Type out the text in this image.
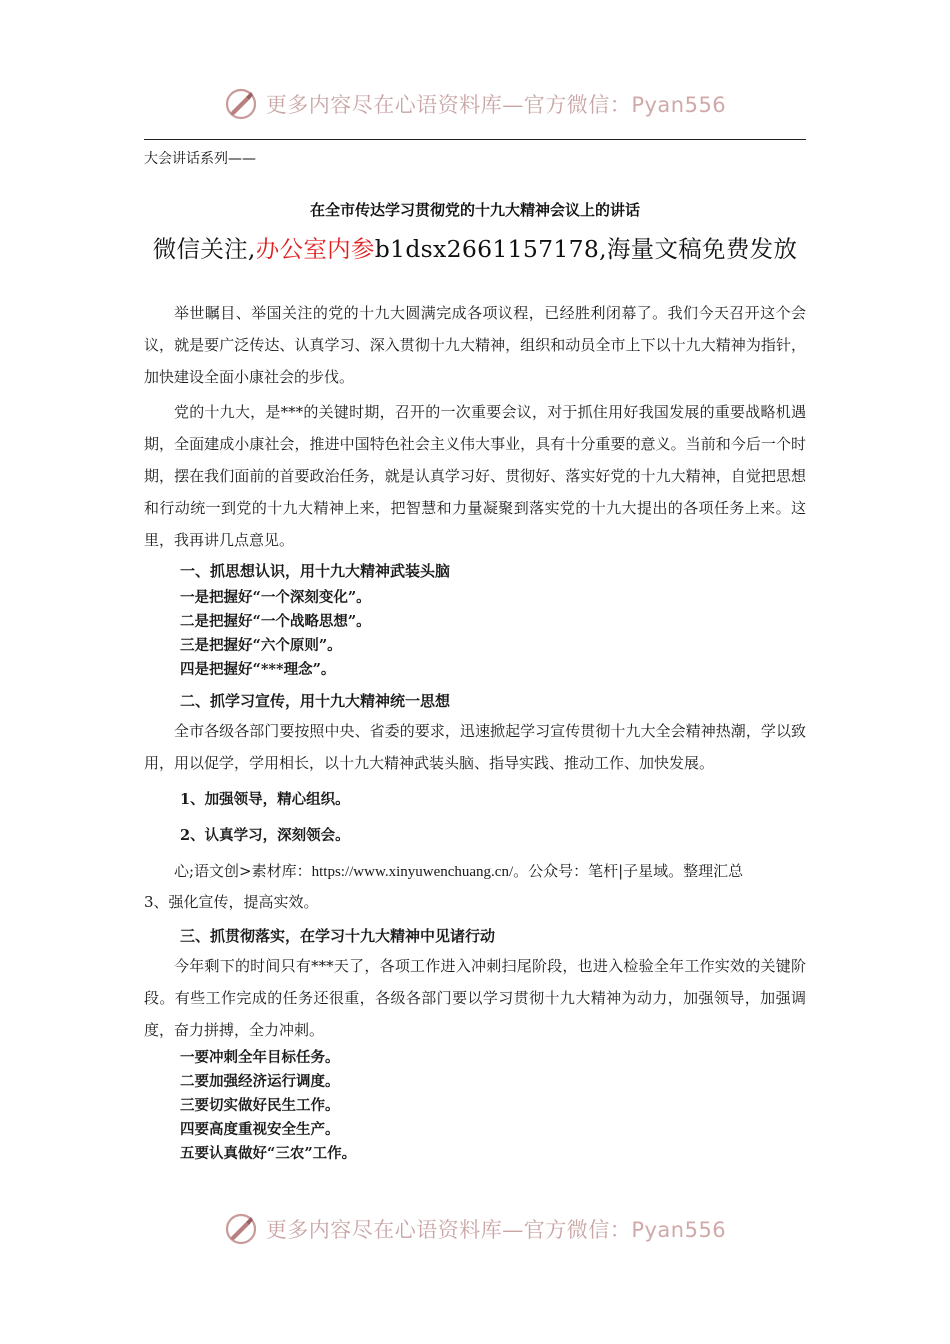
更多内容尽在心语资料库—官方微信：Pyan556
大会讲话系列——
在全市传达学习贯彻党的十九大精神会议上的讲话
微信关注,办公室内参b1dsx2661157178,海量文稿免费发放

举世瞩目、举国关注的党的十九大圆满完成各项议程，已经胜利闭幕了。我们今天召开这个会议，就是要广泛传达、认真学习、深入贯彻十九大精神，组织和动员全市上下以十九大精神为指针，加快建设全面小康社会的步伐。

党的十九大，是***的关键时期，召开的一次重要会议，对于抓住用好我国发展的重要战略机遇期，全面建成小康社会，推进中国特色社会主义伟大事业，具有十分重要的意义。当前和今后一个时期，摆在我们面前的首要政治任务，就是认真学习好、贯彻好、落实好党的十九大精神，自觉把思想和行动统一到党的十九大精神上来，把智慧和力量凝聚到落实党的十九大提出的各项任务上来。这里，我再讲几点意见。

一、抓思想认识，用十九大精神武装头脑

一是把握好“一个深刻变化”。

二是把握好“一个战略思想”。

三是把握好“六个原则”。

四是把握好“***理念”。

二、抓学习宣传，用十九大精神统一思想

全市各级各部门要按照中央、省委的要求，迅速掀起学习宣传贯彻十九大全会精神热潮，学以致用，用以促学，学用相长，以十九大精神武装头脑、指导实践、推动工作、加快发展。

1、加强领导，精心组织。

2、认真学习，深刻领会。

心;语文创>素材库：https://www.xinyuwenchuang.cn/。公众号：笔杆|子星域。整理汇总

3、强化宣传，提高实效。

三、抓贯彻落实，在学习十九大精神中见诸行动

今年剩下的时间只有***天了，各项工作进入冲刺扫尾阶段，也进入检验全年工作实效的关键阶段。有些工作完成的任务还很重，各级各部门要以学习贯彻十九大精神为动力，加强领导，加强调度，奋力拼搏，全力冲刺。

一要冲刺全年目标任务。

二要加强经济运行调度。

三要切实做好民生工作。

四要高度重视安全生产。

五要认真做好“三农”工作。

更多内容尽在心语资料库—官方微信：Pyan556
